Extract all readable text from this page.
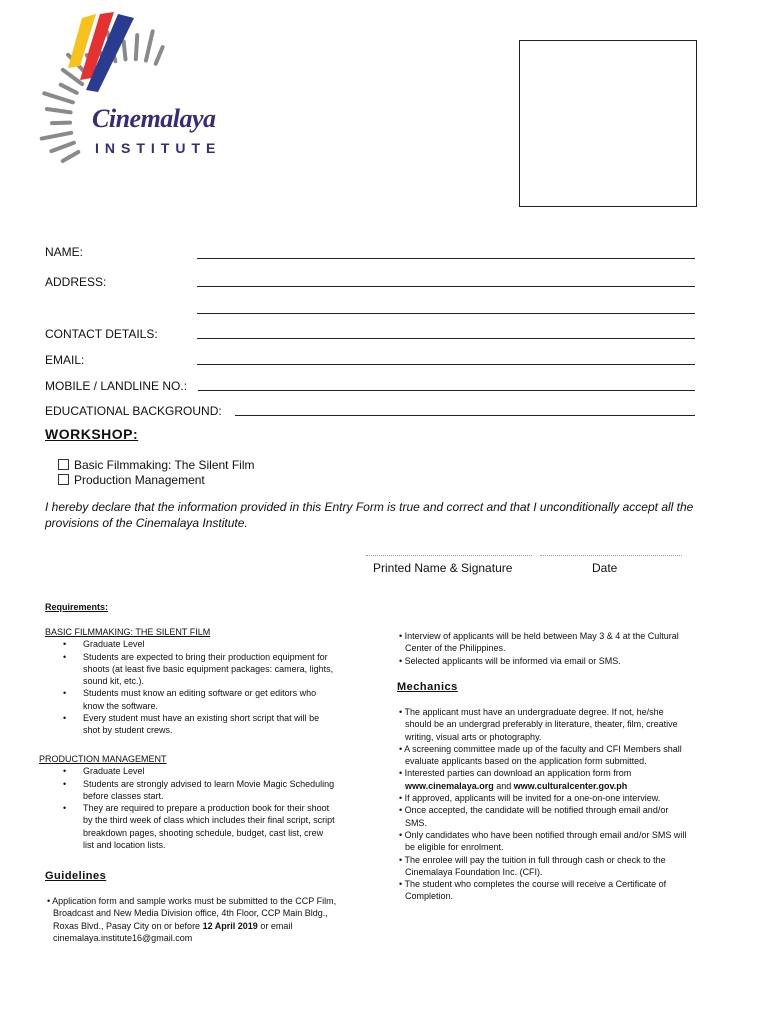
Cinemalaya
INSTITUTE
NAME:
ADDRESS:
CONTACT DETAILS:
EMAIL:
MOBILE / LANDLINE NO.:
EDUCATIONAL BACKGROUND:
WORKSHOP:
Basic Filmmaking: The Silent Film
Production Management
I hereby declare that the information provided in this Entry Form is true and correct and that I unconditionally accept all the provisions of the Cinemalaya Institute.
Printed Name & Signature	Date
Requirements:
BASIC FILMMAKING: THE SILENT FILM
• Graduate Level
• Students are expected to bring their production equipment for shoots (at least five basic equipment packages: camera, lights, sound kit, etc.).
• Students must know an editing software or get editors who know the software.
• Every student must have an existing short script that will be shot by student crews.
PRODUCTION MANAGEMENT
• Graduate Level
• Students are strongly advised to learn Movie Magic Scheduling before classes start.
• They are required to prepare a production book for their shoot by the third week of class which includes their final script, script breakdown pages, shooting schedule, budget, cast list, crew list and location lists.
Guidelines
• Application form and sample works must be submitted to the CCP Film, Broadcast and New Media Division office, 4th Floor, CCP Main Bldg., Roxas Blvd., Pasay City on or before 12 April 2019 or email cinemalaya.institute16@gmail.com
• Interview of applicants will be held between May 3 & 4 at the Cultural Center of the Philippines.
• Selected applicants will be informed via email or SMS.
Mechanics
• The applicant must have an undergraduate degree. If not, he/she should be an undergrad preferably in literature, theater, film, creative writing, visual arts or photography.
• A screening committee made up of the faculty and CFI Members shall evaluate applicants based on the application form submitted.
• Interested parties can download an application form from www.cinemalaya.org and www.culturalcenter.gov.ph
• If approved, applicants will be invited for a one-on-one interview.
• Once accepted, the candidate will be notified through email and/or SMS.
• Only candidates who have been notified through email and/or SMS will be eligible for enrolment.
• The enrolee will pay the tuition in full through cash or check to the Cinemalaya Foundation Inc. (CFI).
• The student who completes the course will receive a Certificate of Completion.
